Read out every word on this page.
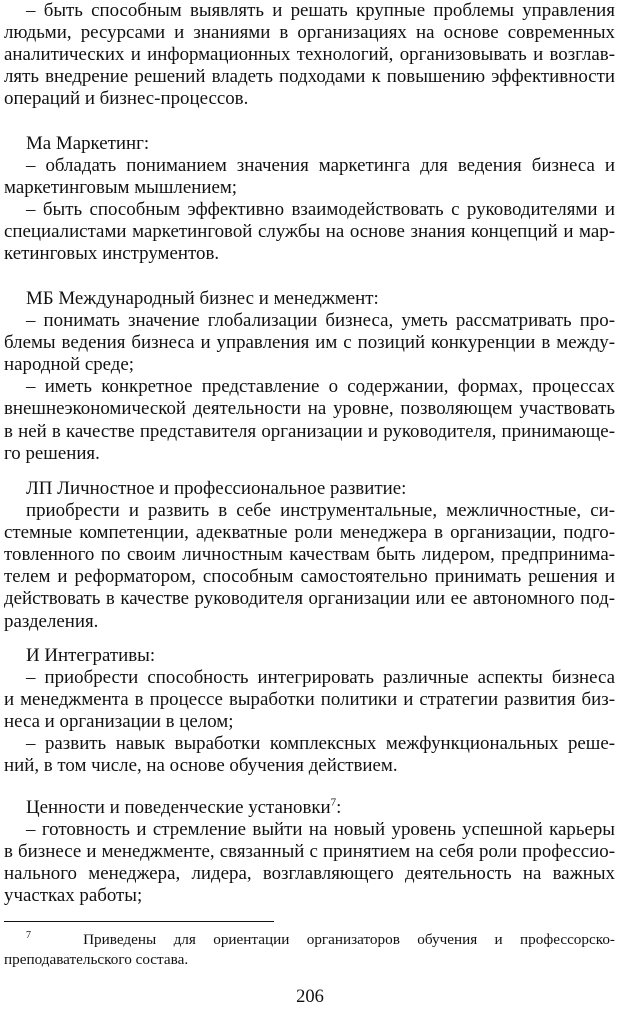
– быть способным выявлять и решать крупные проблемы управления
людьми, ресурсами и знаниями в организациях на основе современных
аналитических и информационных технологий, организовывать и возглав-
лять внедрение решений владеть подходами к повышению эффективности
операций и бизнес-процессов.
Ма Маркетинг:
– обладать пониманием значения маркетинга для ведения бизнеса и
маркетинговым мышлением;
– быть способным эффективно взаимодействовать с руководителями и
специалистами маркетинговой службы на основе знания концепций и мар-
кетинговых инструментов.
МБ Международный бизнес и менеджмент:
– понимать значение глобализации бизнеса, уметь рассматривать про-
блемы ведения бизнеса и управления им с позиций конкуренции в между-
народной среде;
– иметь конкретное представление о содержании, формах, процессах
внешнеэкономической деятельности на уровне, позволяющем участвовать
в ней в качестве представителя организации и руководителя, принимающе-
го решения.
ЛП Личностное и профессиональное развитие:
приобрести и развить в себе инструментальные, межличностные, си-
стемные компетенции, адекватные роли менеджера в организации, подго-
товленного по своим личностным качествам быть лидером, предпринима-
телем и реформатором, способным самостоятельно принимать решения и
действовать в качестве руководителя организации или ее автономного под-
разделения.
И Интегративы:
– приобрести способность интегрировать различные аспекты бизнеса
и менеджмента в процессе выработки политики и стратегии развития биз-
неса и организации в целом;
– развить навык выработки комплексных межфункциональных реше-
ний, в том числе, на основе обучения действием.
Ценности и поведенческие установки$^7$:
– готовность и стремление выйти на новый уровень успешной карьеры
в бизнесе и менеджменте, связанный с принятием на себя роли профессио-
нального менеджера, лидера, возглавляющего деятельность на важных
участках работы;
$^7$	Приведены для ориентации организаторов обучения и профессорско-
преподавательского состава.
206
